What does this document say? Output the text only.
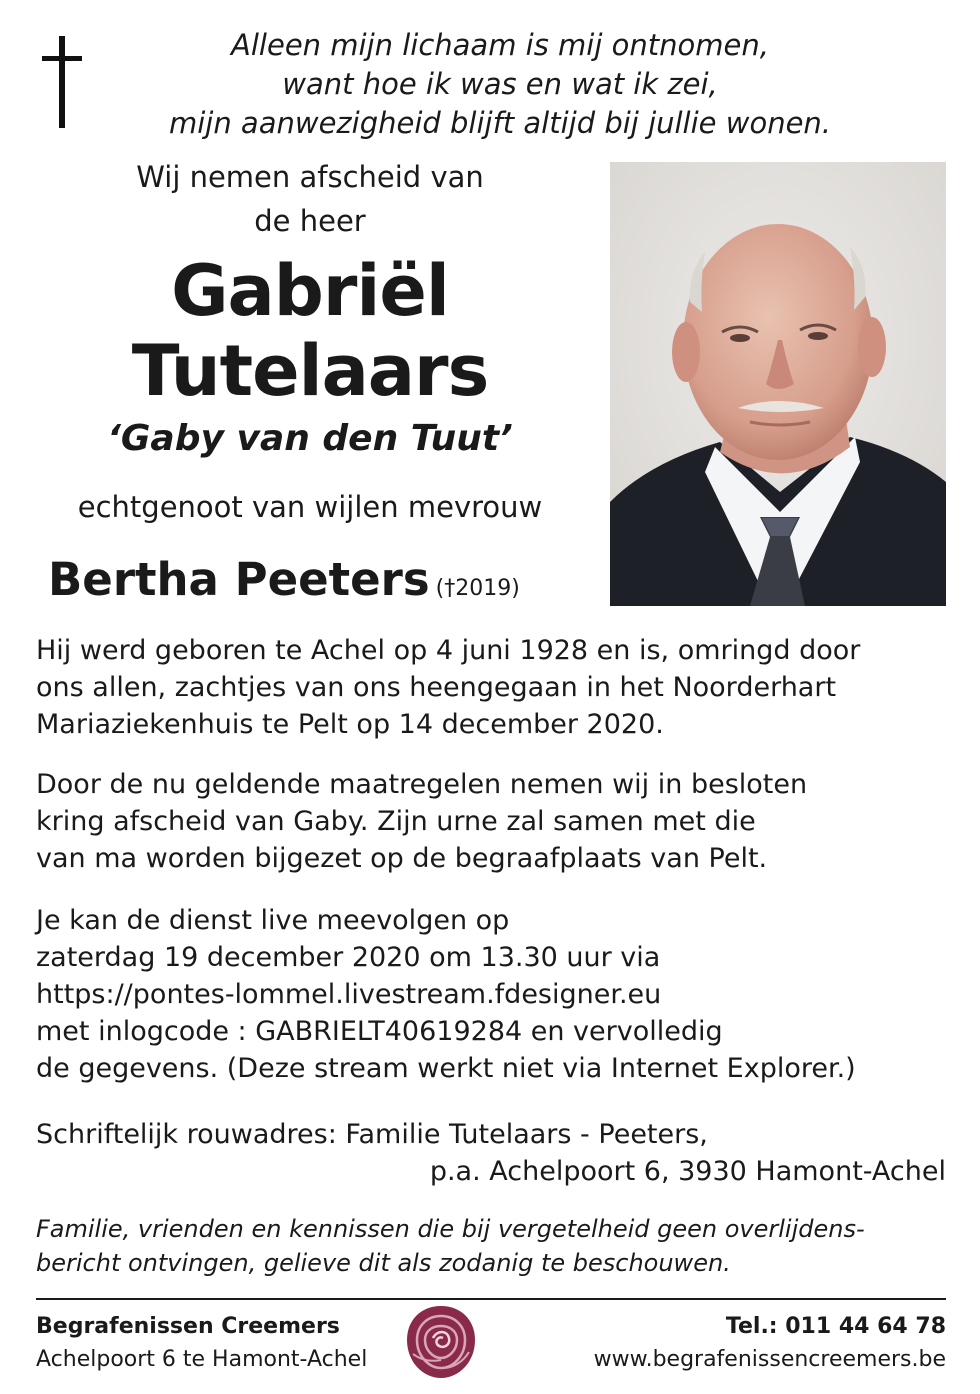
Alleen mijn lichaam is mij ontnomen,
want hoe ik was en wat ik zei,
mijn aanwezigheid blijft altijd bij jullie wonen.
Wij nemen afscheid van
de heer
Gabriël
Tutelaars
‘Gaby van den Tuut’
echtgenoot van wijlen mevrouw
Bertha Peeters (†2019)
Hij werd geboren te Achel op 4 juni 1928 en is, omringd door
ons allen, zachtjes van ons heengegaan in het Noorderhart
Mariaziekenhuis te Pelt op 14 december 2020.
Door de nu geldende maatregelen nemen wij in besloten
kring afscheid van Gaby. Zijn urne zal samen met die
van ma worden bijgezet op de begraafplaats van Pelt.
Je kan de dienst live meevolgen op
zaterdag 19 december 2020 om 13.30 uur via
https://pontes-lommel.livestream.fdesigner.eu
met inlogcode : GABRIELT40619284 en vervolledig
de gegevens. (Deze stream werkt niet via Internet Explorer.)
Schriftelijk rouwadres: Familie Tutelaars - Peeters,
p.a. Achelpoort 6, 3930 Hamont-Achel
Familie, vrienden en kennissen die bij vergetelheid geen overlijdens-
bericht ontvingen, gelieve dit als zodanig te beschouwen.
Begrafenissen Creemers
Achelpoort 6 te Hamont-Achel
Tel.: 011 44 64 78
www.begrafenissencreemers.be
